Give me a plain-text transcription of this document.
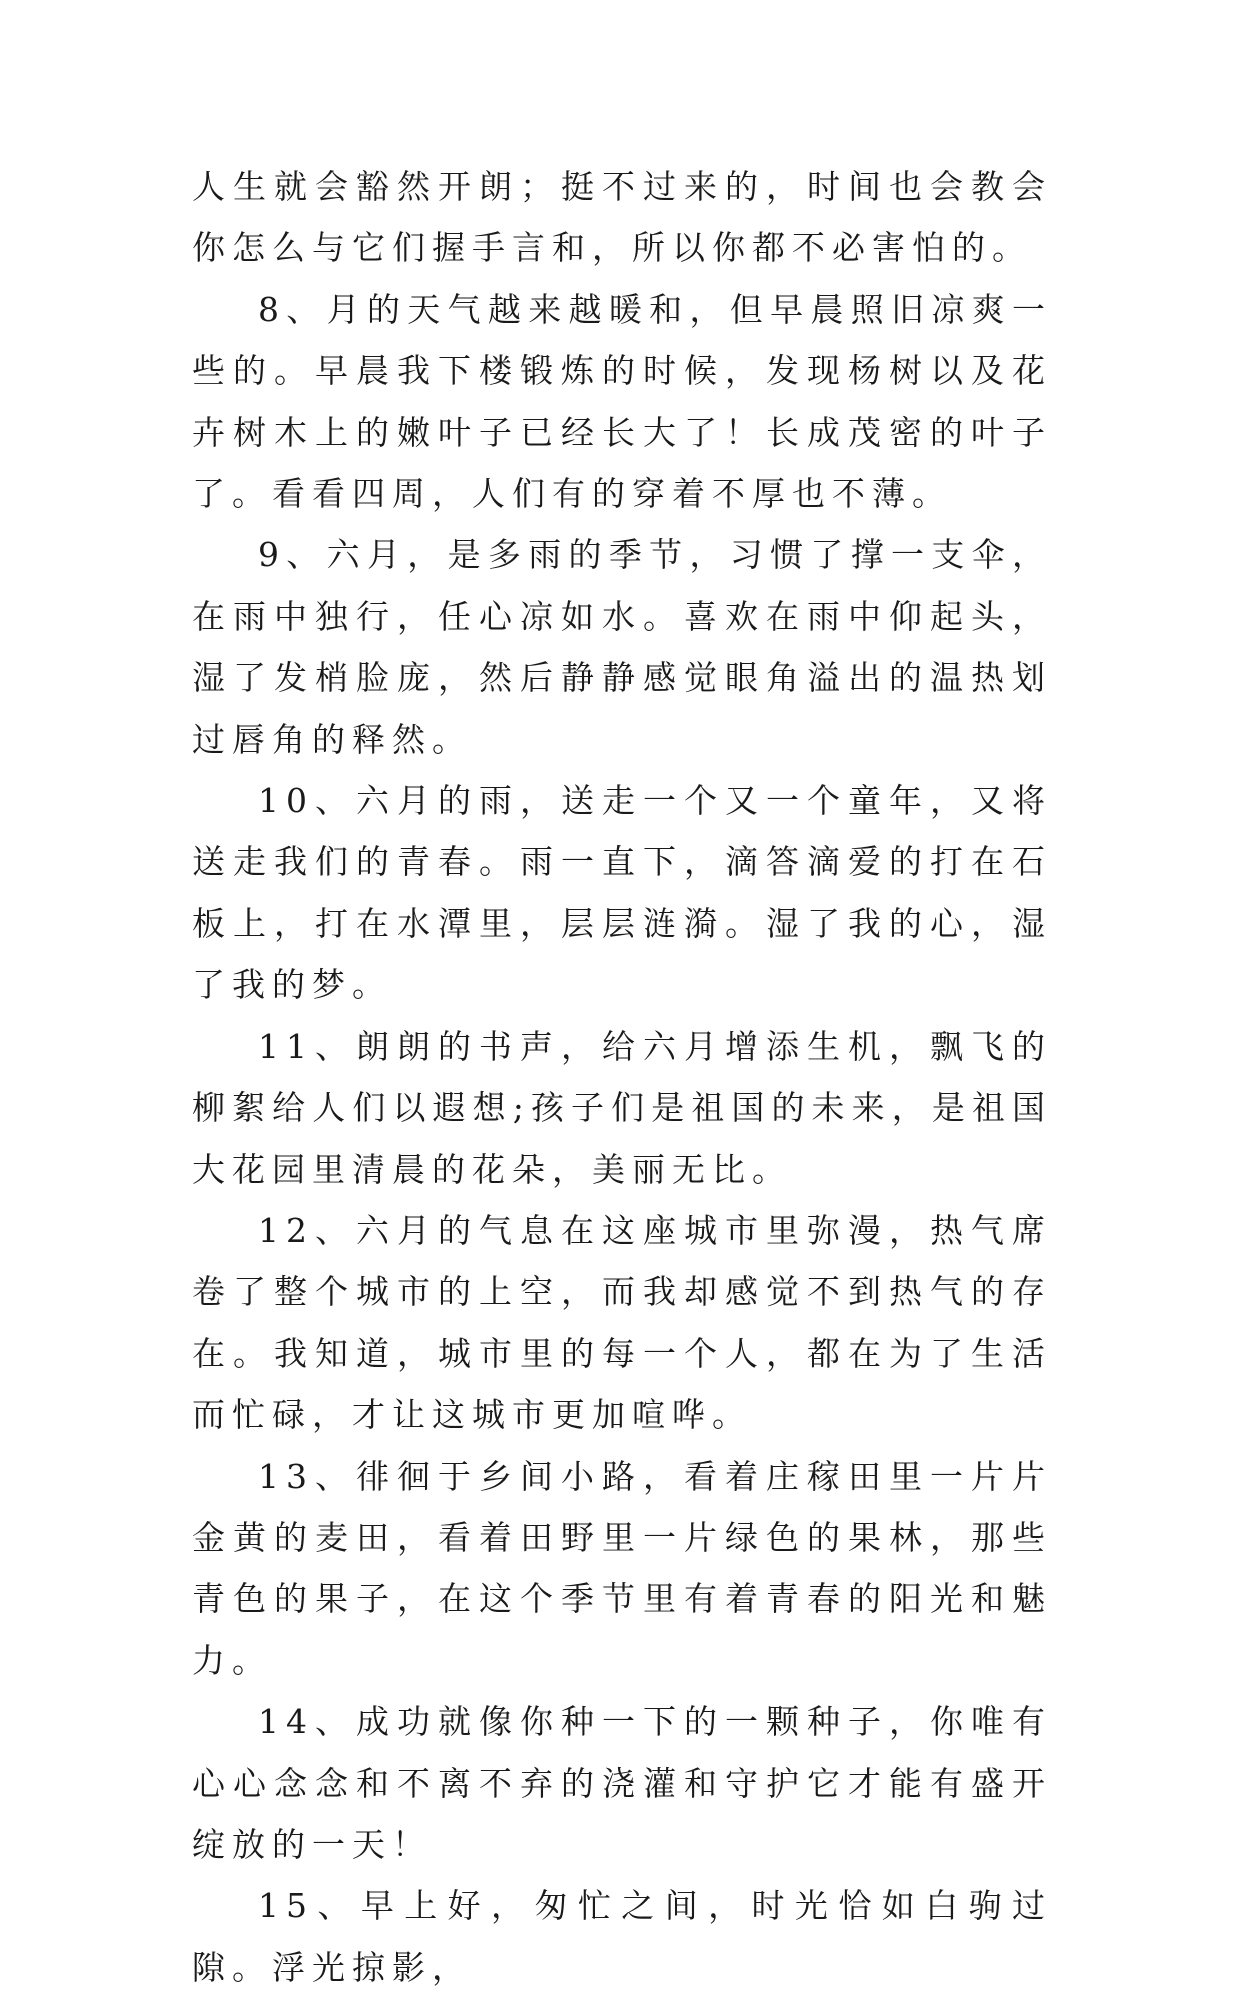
人生就会豁然开朗；挺不过来的，时间也会教会你怎么与它们握手言和，所以你都不必害怕的。

8、月的天气越来越暖和，但早晨照旧凉爽一些的。早晨我下楼锻炼的时候，发现杨树以及花卉树木上的嫩叶子已经长大了！长成茂密的叶子了。看看四周，人们有的穿着不厚也不薄。

9、六月，是多雨的季节，习惯了撑一支伞，在雨中独行，任心凉如水。喜欢在雨中仰起头，湿了发梢脸庞，然后静静感觉眼角溢出的温热划过唇角的释然。

10、六月的雨，送走一个又一个童年，又将送走我们的青春。雨一直下，滴答滴爱的打在石板上，打在水潭里，层层涟漪。湿了我的心，湿了我的梦。

11、朗朗的书声，给六月增添生机，飘飞的柳絮给人们以遐想;孩子们是祖国的未来，是祖国大花园里清晨的花朵，美丽无比。

12、六月的气息在这座城市里弥漫，热气席卷了整个城市的上空，而我却感觉不到热气的存在。我知道，城市里的每一个人，都在为了生活而忙碌，才让这城市更加喧哗。

13、徘徊于乡间小路，看着庄稼田里一片片金黄的麦田，看着田野里一片绿色的果林，那些青色的果子，在这个季节里有着青春的阳光和魅力。

14、成功就像你种一下的一颗种子，你唯有心心念念和不离不弃的浇灌和守护它才能有盛开绽放的一天！

15、早上好，匆忙之间，时光恰如白驹过隙。浮光掠影，
